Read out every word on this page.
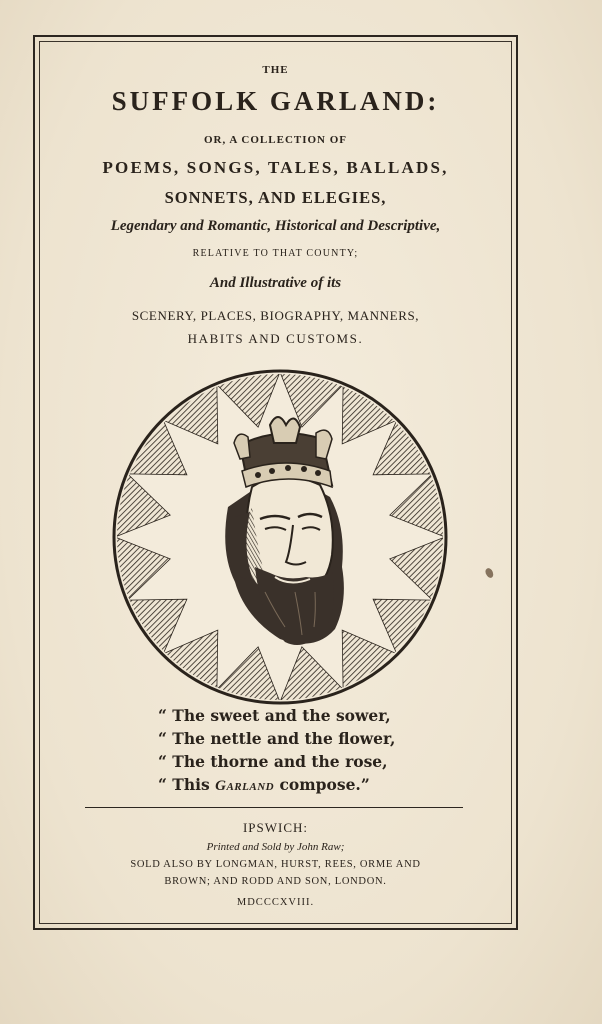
THE
SUFFOLK GARLAND:
OR, A COLLECTION OF
POEMS, SONGS, TALES, BALLADS,
SONNETS, AND ELEGIES,
Legendary and Romantic, Historical and Descriptive,
RELATIVE TO THAT COUNTY;
And Illustrative of its
SCENERY, PLACES, BIOGRAPHY, MANNERS,
HABITS AND CUSTOMS.
“ The sweet and the sower,
“ The nettle and the flower,
“ The thorne and the rose,
“ This Garland compose.”
IPSWICH:
Printed and Sold by John Raw;
SOLD ALSO BY LONGMAN, HURST, REES, ORME AND
BROWN; AND RODD AND SON, LONDON.
MDCCCXVIII.
